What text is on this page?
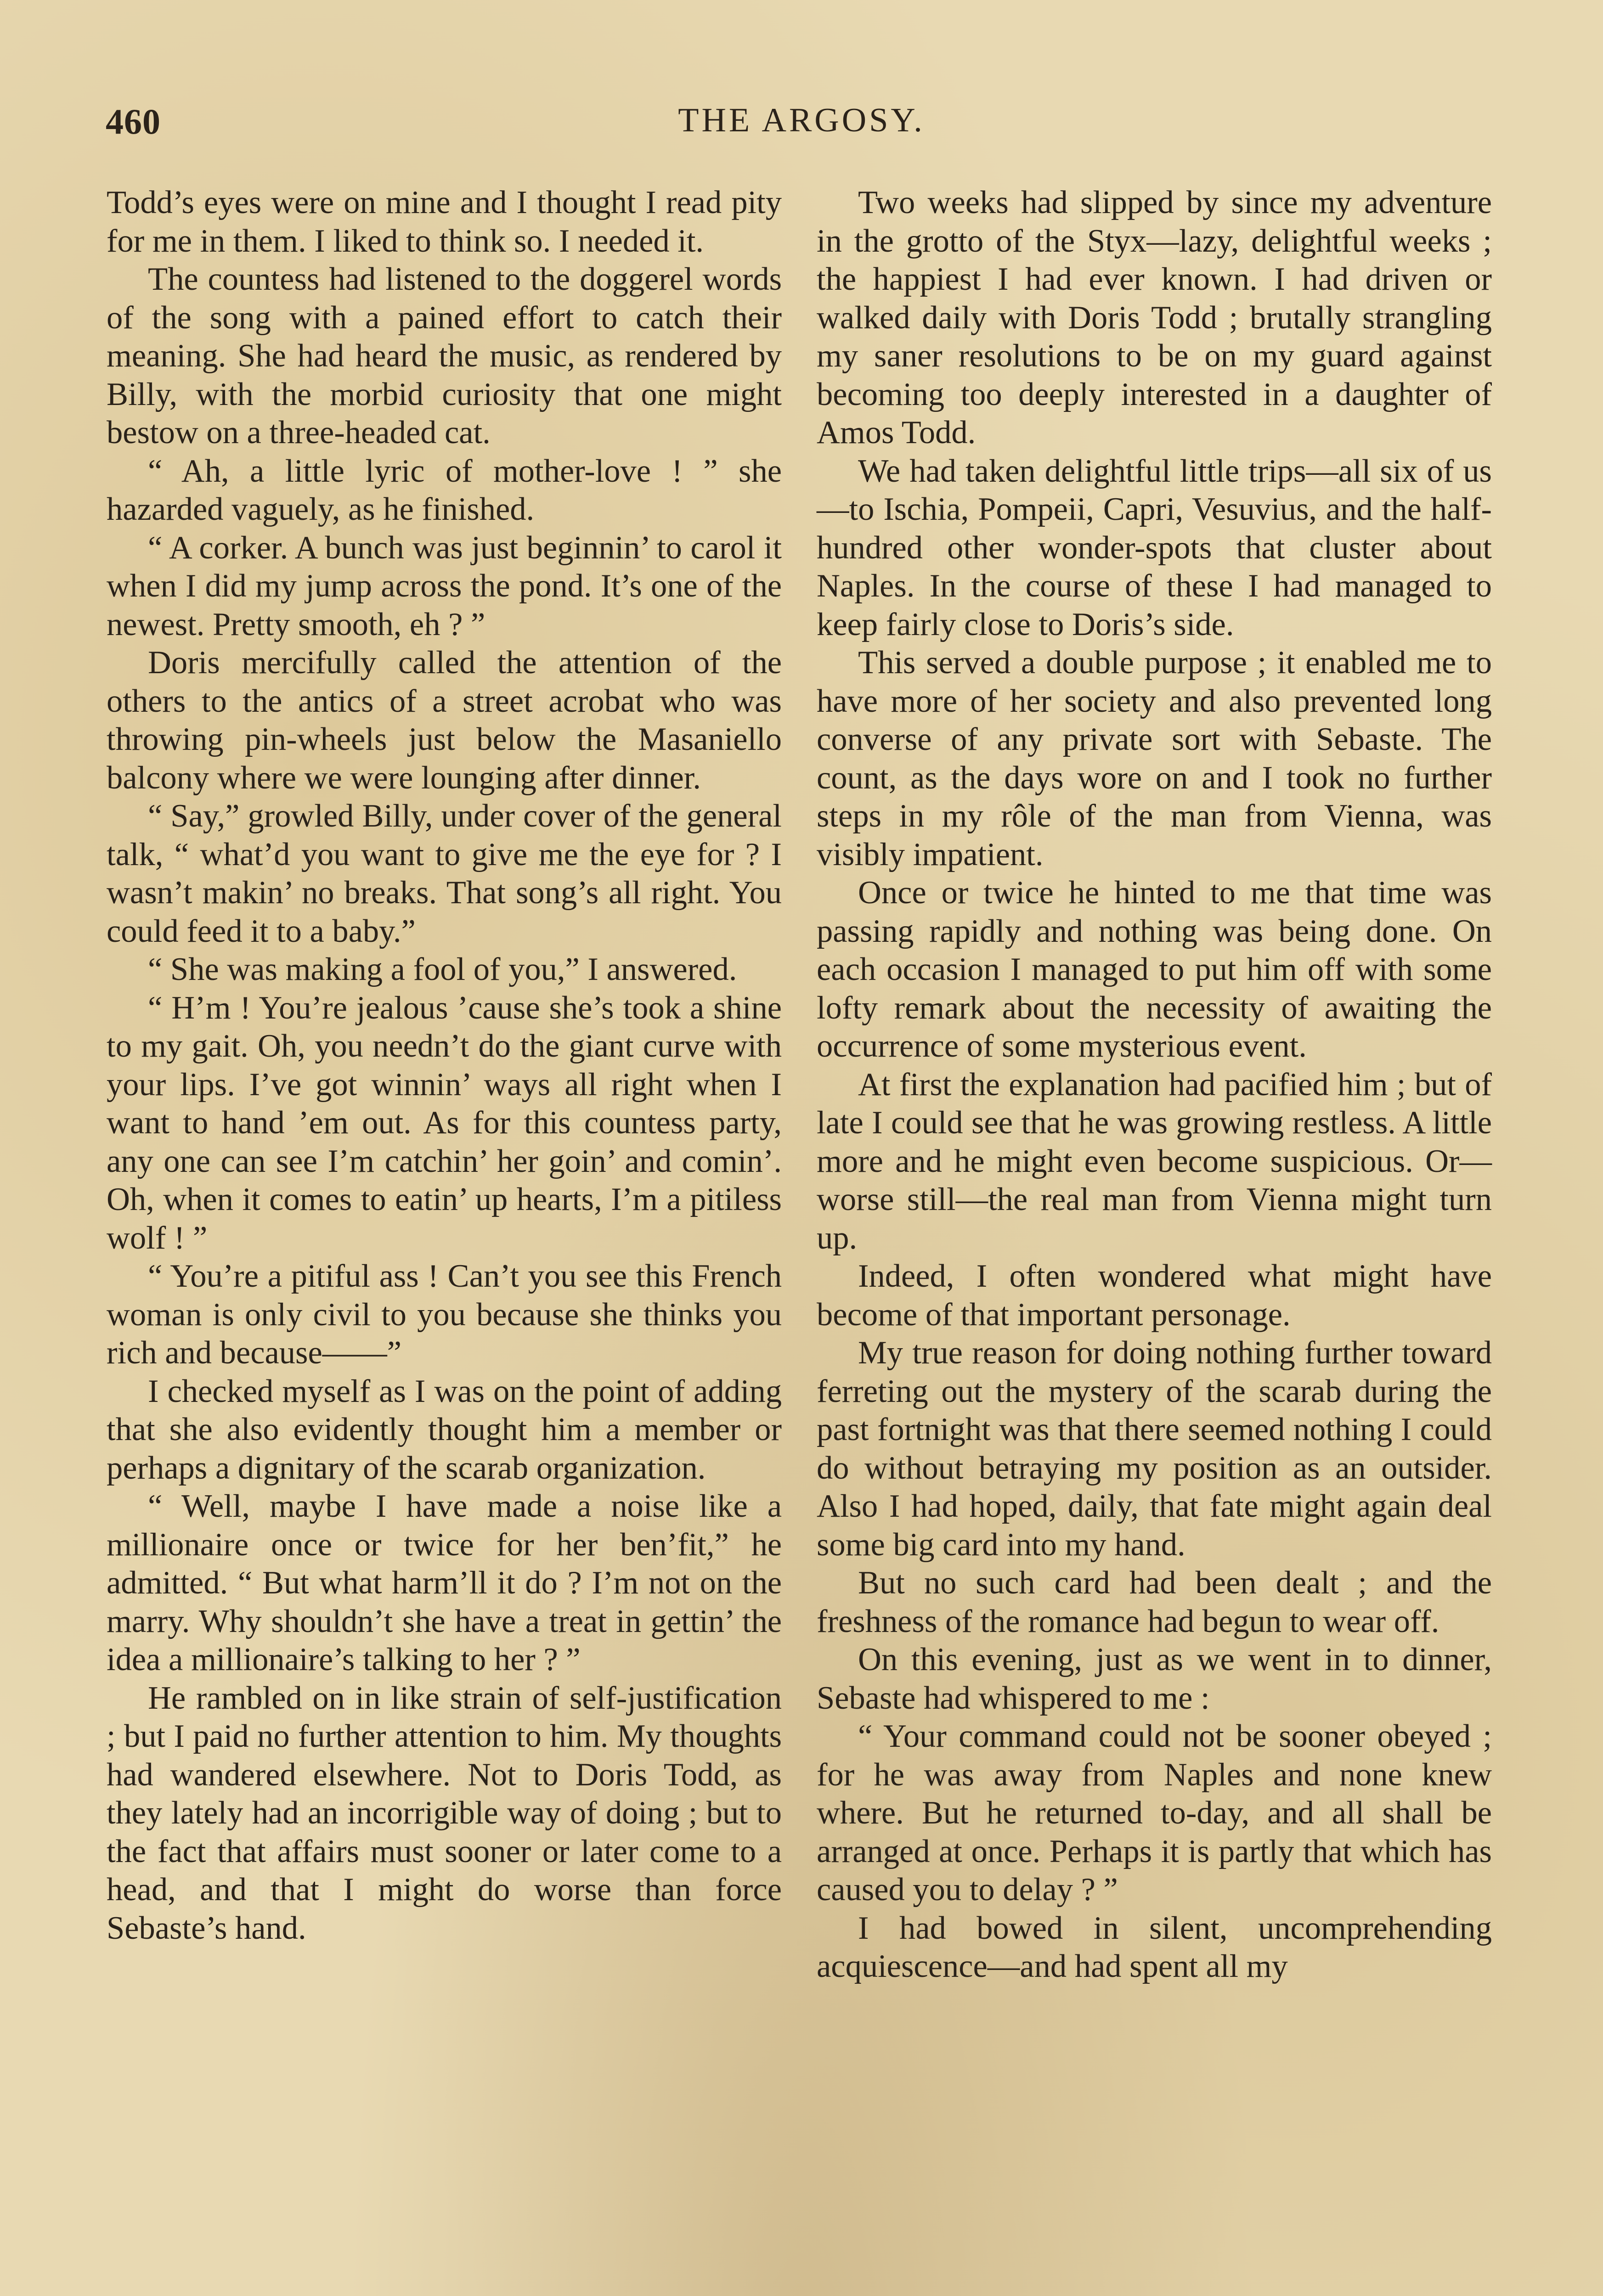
460	THE ARGOSY.

Todd’s eyes were on mine and I thought I read pity for me in them. I liked to think so. I needed it.

The countess had listened to the doggerel words of the song with a pained effort to catch their meaning. She had heard the music, as rendered by Billy, with the morbid curiosity that one might bestow on a three-headed cat.

“ Ah, a little lyric of mother-love ! ” she hazarded vaguely, as he finished.

“ A corker. A bunch was just beginnin’ to carol it when I did my jump across the pond. It’s one of the newest. Pretty smooth, eh ? ”

Doris mercifully called the attention of the others to the antics of a street acrobat who was throwing pin-wheels just below the Masaniello balcony where we were lounging after dinner.

“ Say,” growled Billy, under cover of the general talk, “ what’d you want to give me the eye for ? I wasn’t makin’ no breaks. That song’s all right. You could feed it to a baby.”

“ She was making a fool of you,” I answered.

“ H’m ! You’re jealous ’cause she’s took a shine to my gait. Oh, you needn’t do the giant curve with your lips. I’ve got winnin’ ways all right when I want to hand ’em out. As for this countess party, any one can see I’m catchin’ her goin’ and comin’. Oh, when it comes to eatin’ up hearts, I’m a pitiless wolf ! ”

“ You’re a pitiful ass ! Can’t you see this French woman is only civil to you because she thinks you rich and because——”

I checked myself as I was on the point of adding that she also evidently thought him a member or perhaps a dignitary of the scarab organization.

“ Well, maybe I have made a noise like a millionaire once or twice for her ben’fit,” he admitted. “ But what harm’ll it do ? I’m not on the marry. Why shouldn’t she have a treat in gettin’ the idea a millionaire’s talking to her ? ”

He rambled on in like strain of self-justification ; but I paid no further attention to him. My thoughts had wandered elsewhere. Not to Doris Todd, as they lately had an incorrigible way of doing ; but to the fact that affairs must sooner or later come to a head, and that I might do worse than force Sebaste’s hand.

Two weeks had slipped by since my adventure in the grotto of the Styx—lazy, delightful weeks ; the happiest I had ever known. I had driven or walked daily with Doris Todd ; brutally strangling my saner resolutions to be on my guard against becoming too deeply interested in a daughter of Amos Todd.

We had taken delightful little trips—all six of us—to Ischia, Pompeii, Capri, Vesuvius, and the half-hundred other wonder-spots that cluster about Naples. In the course of these I had managed to keep fairly close to Doris’s side.

This served a double purpose ; it enabled me to have more of her society and also prevented long converse of any private sort with Sebaste. The count, as the days wore on and I took no further steps in my rôle of the man from Vienna, was visibly impatient.

Once or twice he hinted to me that time was passing rapidly and nothing was being done. On each occasion I managed to put him off with some lofty remark about the necessity of awaiting the occurrence of some mysterious event.

At first the explanation had pacified him ; but of late I could see that he was growing restless. A little more and he might even become suspicious. Or—worse still—the real man from Vienna might turn up.

Indeed, I often wondered what might have become of that important personage.

My true reason for doing nothing further toward ferreting out the mystery of the scarab during the past fortnight was that there seemed nothing I could do without betraying my position as an outsider. Also I had hoped, daily, that fate might again deal some big card into my hand.

But no such card had been dealt ; and the freshness of the romance had begun to wear off.

On this evening, just as we went in to dinner, Sebaste had whispered to me :

“ Your command could not be sooner obeyed ; for he was away from Naples and none knew where. But he returned to-day, and all shall be arranged at once. Perhaps it is partly that which has caused you to delay ? ”

I had bowed in silent, uncomprehending acquiescence—and had spent all my
